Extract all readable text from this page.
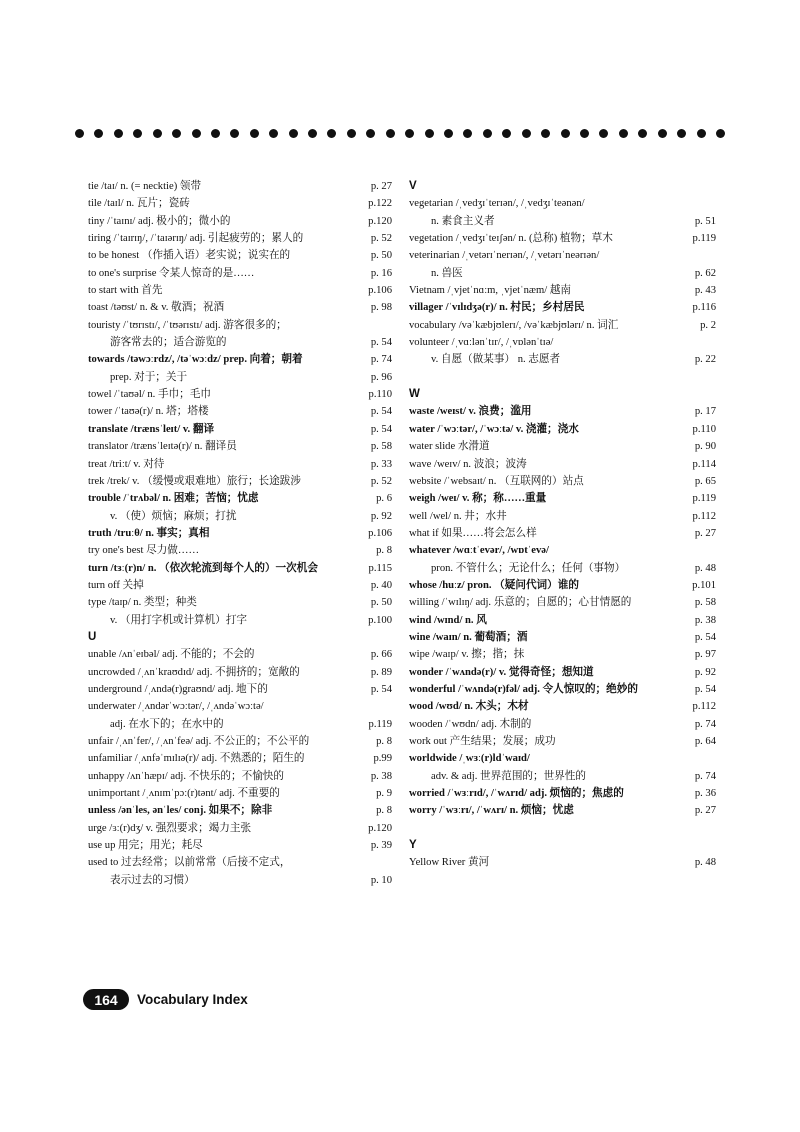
tie /taɪ/ n. (= necktie) 领带	p. 27
tile /taɪl/ n. 瓦片；瓷砖	p.122
tiny /ˈtaɪnɪ/ adj. 极小的；微小的	p.120
tiring /ˈtaɪrɪŋ/, /ˈtaɪərɪŋ/ adj. 引起疲劳的；累人的	p. 52
to be honest （作插入语）老实说；说实在的	p. 50
to one's surprise 令某人惊奇的是……	p. 16
to start with 首先	p.106
toast /təʊst/ n. & v. 敬酒；祝酒	p. 98
touristy /ˈtʊrɪstɪ/, /ˈtʊərɪstɪ/ adj. 游客很多的；
游客常去的；适合游览的	p. 54
towards /təwɔːrdz/, /təˈwɔːdz/ prep. 向着；朝着	p. 74
prep. 对于；关于	p. 96
towel /ˈtaʊəl/ n. 手巾；毛巾	p.110
tower /ˈtaʊə(r)/ n. 塔；塔楼	p. 54
translate /trænsˈleɪt/ v. 翻译	p. 54
translator /trænsˈleɪtə(r)/ n. 翻译员	p. 58
treat /triːt/ v. 对待	p. 33
trek /trek/ v. （缓慢或艰难地）旅行；长途跋涉	p. 52
trouble /ˈtrʌbəl/ n. 困难；苦恼；忧虑	p. 6
v. （使）烦恼；麻烦；打扰	p. 92
truth /truːθ/ n. 事实；真相	p.106
try one's best 尽力做……	p. 8
turn /tɜː(r)n/ n. （依次轮流到每个人的）一次机会	p.115
turn off 关掉	p. 40
type /taɪp/ n. 类型；种类	p. 50
v. （用打字机或计算机）打字	p.100
U
unable /ʌnˈeɪbəl/ adj. 不能的；不会的	p. 66
uncrowded /ˌʌnˈkraʊdɪd/ adj. 不拥挤的；宽敞的	p. 89
underground /ˌʌndə(r)graʊnd/ adj. 地下的	p. 54
underwater /ˌʌndərˈwɔːtər/, /ˌʌndəˈwɔːtə/
adj. 在水下的；在水中的	p.119
unfair /ˌʌnˈfer/, /ˌʌnˈfeə/ adj. 不公正的；不公平的	p. 8
unfamiliar /ˌʌnfəˈmɪlɪə(r)/ adj. 不熟悉的；陌生的	p.99
unhappy /ʌnˈhæpɪ/ adj. 不快乐的；不愉快的	p. 38
unimportant /ˌʌnɪmˈpɔː(r)tənt/ adj. 不重要的	p. 9
unless /ənˈles, ənˈles/ conj. 如果不；除非	p. 8
urge /ɜː(r)dʒ/ v. 强烈要求；竭力主张	p.120
use up 用完；用光；耗尽	p. 39
used to 过去经常；以前常常（后接不定式，
表示过去的习惯）	p. 10
V
vegetarian /ˌvedʒɪˈterɪən/, /ˌvedʒɪˈteənən/
n. 素食主义者	p. 51
vegetation /ˌvedʒɪˈteɪʃən/ n. (总称) 植物；草木	p.119
veterinarian /ˌvetərɪˈnerɪən/, /ˌvetərɪˈneərɪən/
n. 兽医	p. 62
Vietnam /ˌvjetˈnɑːm, ˌvjetˈnæm/ 越南	p. 43
villager /ˈvɪlɪdʒə(r)/ n. 村民；乡村居民	p.116
vocabulary /vəˈkæbjʊlerɪ/, /vəˈkæbjʊlərɪ/ n. 词汇	p. 2
volunteer /ˌvɑːlənˈtɪr/, /ˌvɒlənˈtɪə/
v. 自愿（做某事） n. 志愿者	p. 22
W
waste /weɪst/ v. 浪费；滥用	p. 17
water /ˈwɔːtər/, /ˈwɔːtə/ v. 浇灌；浇水	p.110
water slide 水滑道	p. 90
wave /weɪv/ n. 波浪；波涛	p.114
website /ˈwebsaɪt/ n. （互联网的）站点	p. 65
weigh /weɪ/ v. 称；称……重量	p.119
well /wel/ n. 井；水井	p.112
what if 如果……将会怎么样	p. 27
whatever /wɑːtˈevər/, /wɒtˈevə/
pron. 不管什么；无论什么；任何（事物）	p. 48
whose /huːz/ pron. （疑问代词）谁的	p.101
willing /ˈwɪlɪŋ/ adj. 乐意的；自愿的；心甘情愿的	p. 58
wind /wɪnd/ n. 风	p. 38
wine /waɪn/ n. 葡萄酒；酒	p. 54
wipe /waɪp/ v. 擦；揩；抹	p. 97
wonder /ˈwʌndə(r)/ v. 觉得奇怪；想知道	p. 92
wonderful /ˈwʌndə(r)fəl/ adj. 令人惊叹的；绝妙的	p. 54
wood /wʊd/ n. 木头；木材	p.112
wooden /ˈwʊdn/ adj. 木制的	p. 74
work out 产生结果；发展；成功	p. 64
worldwide /ˌwɜː(r)ldˈwaɪd/
adv. & adj. 世界范围的；世界性的	p. 74
worried /ˈwɜːrɪd/, /ˈwʌrɪd/ adj. 烦恼的；焦虑的	p. 36
worry /ˈwɜːrɪ/, /ˈwʌrɪ/ n. 烦恼；忧虑	p. 27
Y
Yellow River 黄河	p. 48
164	Vocabulary Index
